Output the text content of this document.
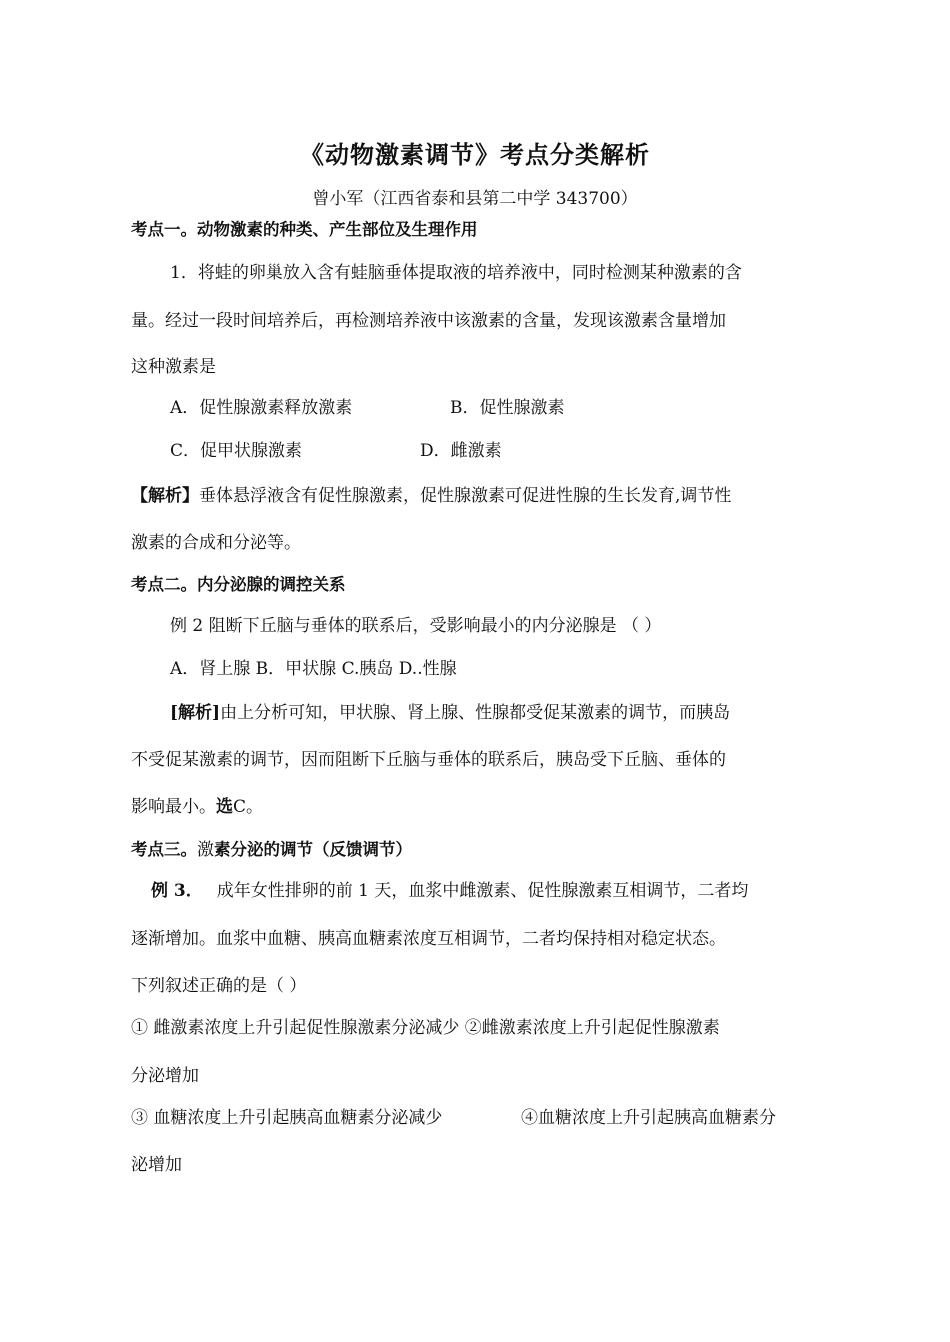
《动物激素调节》考点分类解析
曾小军（江西省泰和县第二中学 343700）
考点一。动物激素的种类、产生部位及生理作用
1．将蛙的卵巢放入含有蛙脑垂体提取液的培养液中，同时检测某种激素的含
量。经过一段时间培养后，再检测培养液中该激素的含量，发现该激素含量增加
这种激素是
A．促性腺激素释放激素	B．促性腺激素
C．促甲状腺激素	D．雌激素
【解析】垂体悬浮液含有促性腺激素，促性腺激素可促进性腺的生长发育,调节性
激素的合成和分泌等。
考点二。内分泌腺的调控关系
例 2 阻断下丘脑与垂体的联系后，受影响最小的内分泌腺是 （ ）
A．肾上腺 B．甲状腺 C.胰岛 D..性腺
[解析]由上分析可知，甲状腺、肾上腺、性腺都受促某激素的调节，而胰岛
不受促某激素的调节，因而阻断下丘脑与垂体的联系后，胰岛受下丘脑、垂体的
影响最小。选C。
考点三。激素分泌的调节（反馈调节）
例 3． 成年女性排卵的前 1 天，血浆中雌激素、促性腺激素互相调节，二者均
逐渐增加。血浆中血糖、胰高血糖素浓度互相调节，二者均保持相对稳定状态。
下列叙述正确的是（ ）
① 雌激素浓度上升引起促性腺激素分泌减少 ②雌激素浓度上升引起促性腺激素
分泌增加
③ 血糖浓度上升引起胰高血糖素分泌减少	④血糖浓度上升引起胰高血糖素分
泌增加
